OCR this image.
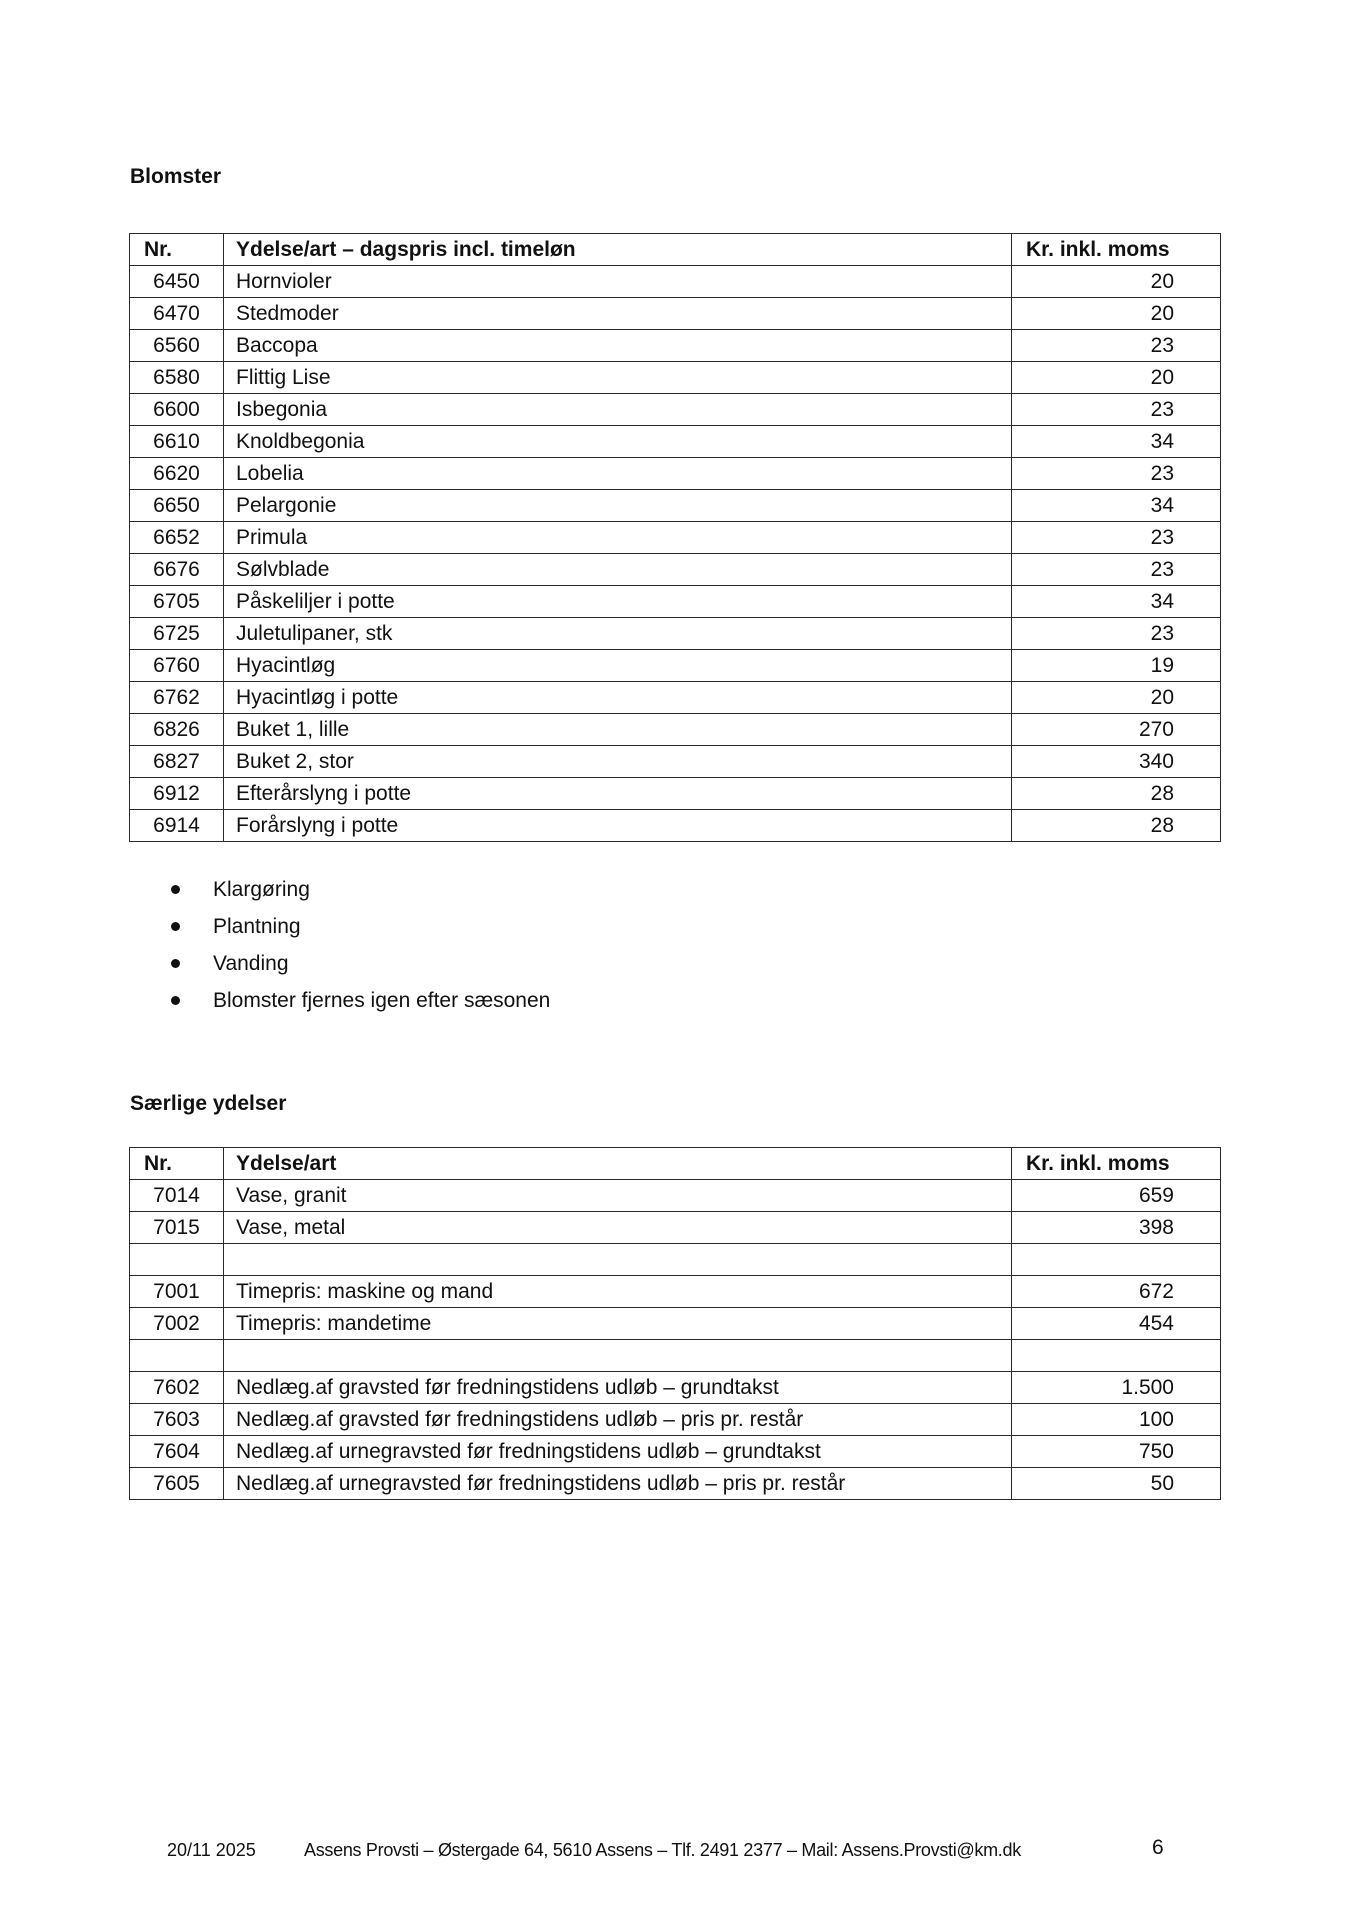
Blomster
Nr.	Ydelse/art – dagspris incl. timeløn	Kr. inkl. moms
6450	Hornvioler	20
6470	Stedmoder	20
6560	Baccopa	23
6580	Flittig Lise	20
6600	Isbegonia	23
6610	Knoldbegonia	34
6620	Lobelia	23
6650	Pelargonie	34
6652	Primula	23
6676	Sølvblade	23
6705	Påskeliljer i potte	34
6725	Juletulipaner, stk	23
6760	Hyacintløg	19
6762	Hyacintløg i potte	20
6826	Buket 1, lille	270
6827	Buket 2, stor	340
6912	Efterårslyng i potte	28
6914	Forårslyng i potte	28
Klargøring
Plantning
Vanding
Blomster fjernes igen efter sæsonen
Særlige ydelser
Nr.	Ydelse/art	Kr. inkl. moms
7014	Vase, granit	659
7015	Vase, metal	398

7001	Timepris: maskine og mand	672
7002	Timepris: mandetime	454

7602	Nedlæg.af gravsted før fredningstidens udløb – grundtakst	1.500
7603	Nedlæg.af gravsted før fredningstidens udløb – pris pr. restår	100
7604	Nedlæg.af urnegravsted før fredningstidens udløb – grundtakst	750
7605	Nedlæg.af urnegravsted før fredningstidens udløb – pris pr. restår	50
20/11 2025	Assens Provsti – Østergade 64, 5610 Assens – Tlf. 2491 2377 – Mail: Assens.Provsti@km.dk	6
